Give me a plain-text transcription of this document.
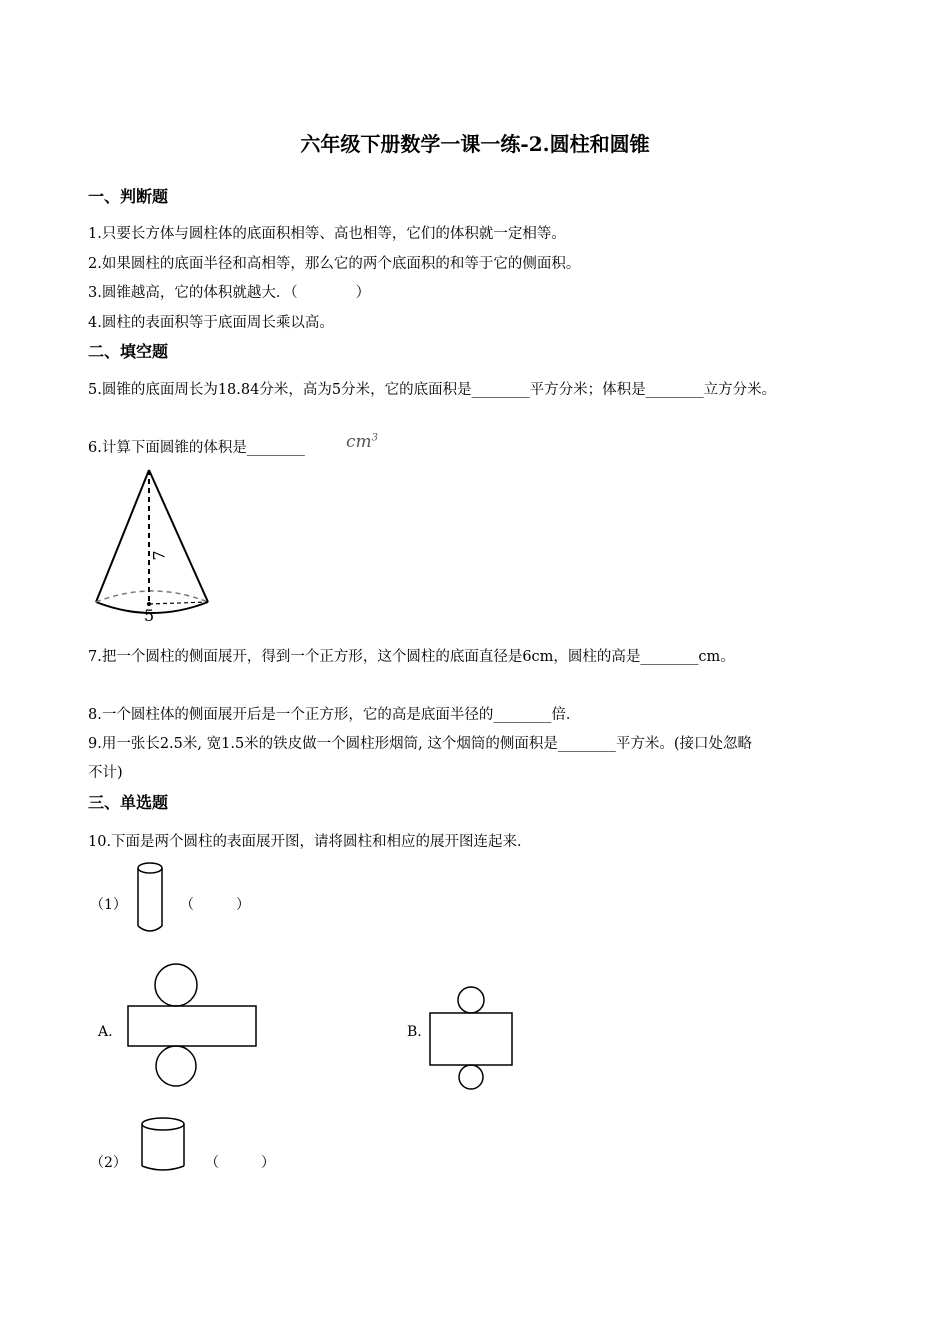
六年级下册数学一课一练-2.圆柱和圆锥
一、判断题
1.只要长方体与圆柱体的底面积相等、高也相等，它们的体积就一定相等。
2.如果圆柱的底面半径和高相等，那么它的两个底面积的和等于它的侧面积。
3.圆锥越高，它的体积就越大．（　　　　）
4.圆柱的表面积等于底面周长乘以高。
二、填空题
5.圆锥的底面周长为18.84分米，高为5分米，它的底面积是________平方分米；体积是________立方分米。
6.计算下面圆锥的体积是________ $cm^3$
7
5
7.把一个圆柱的侧面展开，得到一个正方形，这个圆柱的底面直径是6cm，圆柱的高是________cm。
8.一个圆柱体的侧面展开后是一个正方形，它的高是底面半径的________倍．
9.用一张长2.5米, 宽1.5米的铁皮做一个圆柱形烟筒, 这个烟筒的侧面积是________平方米。(接口处忽略
不计)
三、单选题
10.下面是两个圆柱的表面展开图，请将圆柱和相应的展开图连起来．
（1）	（　　　）
A.	B.
（2）	（　　　）
